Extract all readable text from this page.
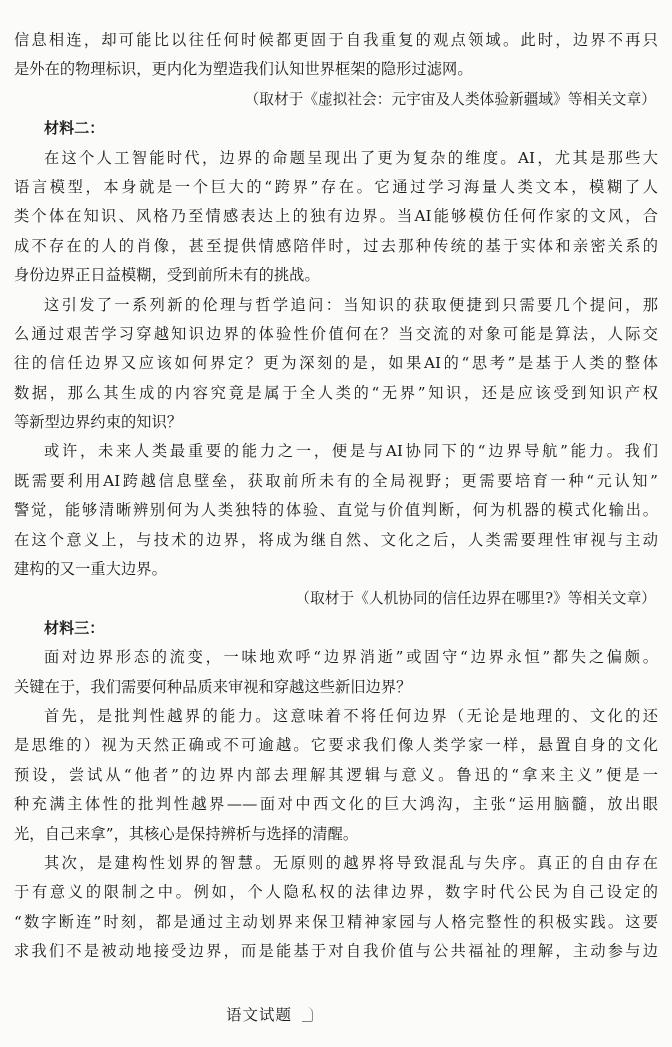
信息相连，却可能比以往任何时候都更固于自我重复的观点领域。此时，边界不再只
是外在的物理标识，更内化为塑造我们认知世界框架的隐形过滤网。
（取材于《虚拟社会：元宇宙及人类体验新疆域》等相关文章）
材料二：
在这个人工智能时代，边界的命题呈现出了更为复杂的维度。AI，尤其是那些大
语言模型，本身就是一个巨大的“跨界”存在。它通过学习海量人类文本，模糊了人
类个体在知识、风格乃至情感表达上的独有边界。当AI能够模仿任何作家的文风，合
成不存在的人的肖像，甚至提供情感陪伴时，过去那种传统的基于实体和亲密关系的
身份边界正日益模糊，受到前所未有的挑战。
这引发了一系列新的伦理与哲学追问：当知识的获取便捷到只需要几个提问，那
么通过艰苦学习穿越知识边界的体验性价值何在？当交流的对象可能是算法，人际交
往的信任边界又应该如何界定？更为深刻的是，如果AI的“思考”是基于人类的整体
数据，那么其生成的内容究竟是属于全人类的“无界”知识，还是应该受到知识产权
等新型边界约束的知识？
或许，未来人类最重要的能力之一，便是与AI协同下的“边界导航”能力。我们
既需要利用AI跨越信息壁垒，获取前所未有的全局视野；更需要培育一种“元认知”
警觉，能够清晰辨别何为人类独特的体验、直觉与价值判断，何为机器的模式化输出。
在这个意义上，与技术的边界，将成为继自然、文化之后，人类需要理性审视与主动
建构的又一重大边界。
（取材于《人机协同的信任边界在哪里?》等相关文章）
材料三：
面对边界形态的流变，一味地欢呼“边界消逝”或固守“边界永恒”都失之偏颇。
关键在于，我们需要何种品质来审视和穿越这些新旧边界？
首先，是批判性越界的能力。这意味着不将任何边界（无论是地理的、文化的还
是思维的）视为天然正确或不可逾越。它要求我们像人类学家一样，悬置自身的文化
预设，尝试从“他者”的边界内部去理解其逻辑与意义。鲁迅的“拿来主义”便是一
种充满主体性的批判性越界——面对中西文化的巨大鸿沟，主张“运用脑髓，放出眼
光，自己来拿”，其核心是保持辨析与选择的清醒。
其次，是建构性划界的智慧。无原则的越界将导致混乱与失序。真正的自由存在
于有意义的限制之中。例如，个人隐私权的法律边界，数字时代公民为自己设定的
“数字断连”时刻，都是通过主动划界来保卫精神家园与人格完整性的积极实践。这要
求我们不是被动地接受边界，而是能基于对自我价值与公共福祉的理解，主动参与边
语文试题
